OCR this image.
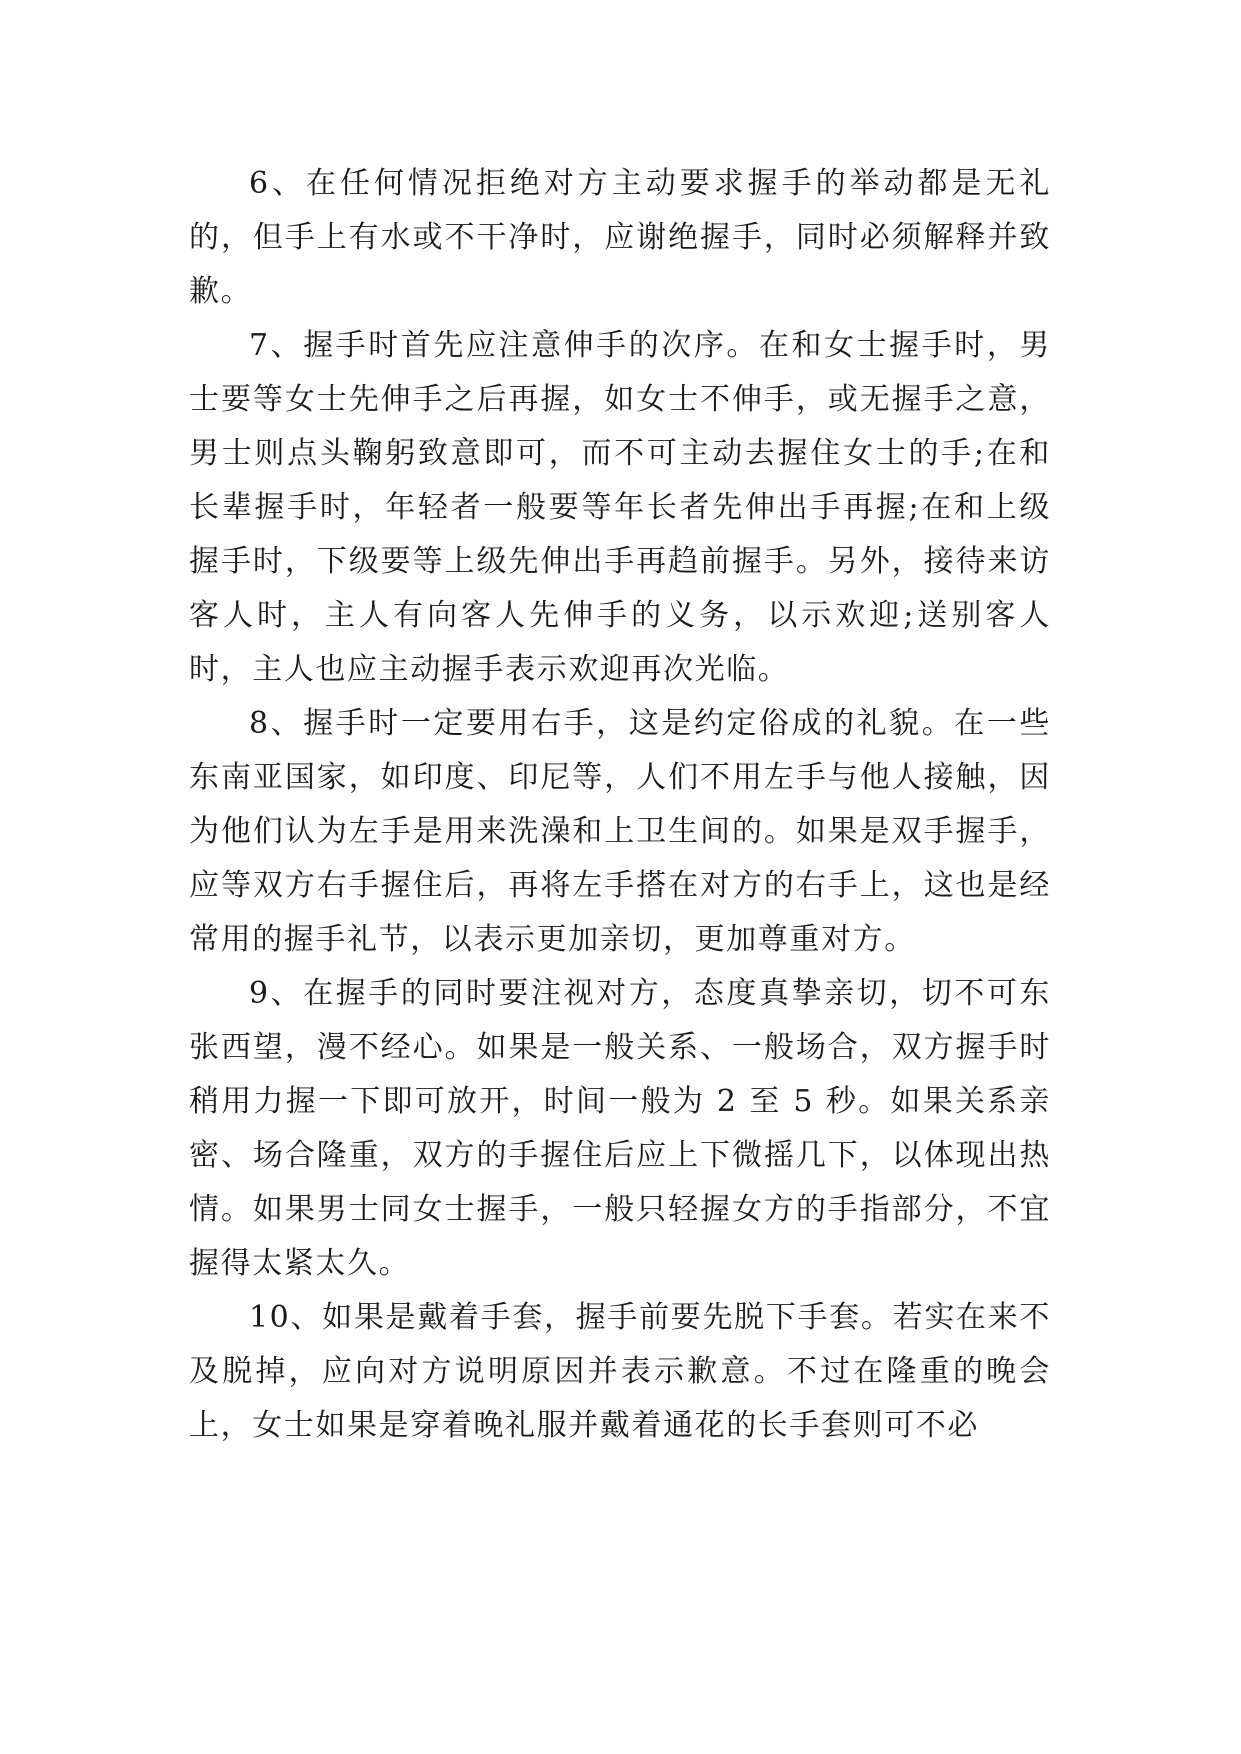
6、在任何情况拒绝对方主动要求握手的举动都是无礼的，但手上有水或不干净时，应谢绝握手，同时必须解释并致歉。

7、握手时首先应注意伸手的次序。在和女士握手时，男士要等女士先伸手之后再握，如女士不伸手，或无握手之意，男士则点头鞠躬致意即可，而不可主动去握住女士的手;在和长辈握手时，年轻者一般要等年长者先伸出手再握;在和上级握手时，下级要等上级先伸出手再趋前握手。另外，接待来访客人时，主人有向客人先伸手的义务，以示欢迎;送别客人时，主人也应主动握手表示欢迎再次光临。

8、握手时一定要用右手，这是约定俗成的礼貌。在一些东南亚国家，如印度、印尼等，人们不用左手与他人接触，因为他们认为左手是用来洗澡和上卫生间的。如果是双手握手，应等双方右手握住后，再将左手搭在对方的右手上，这也是经常用的握手礼节，以表示更加亲切，更加尊重对方。

9、在握手的同时要注视对方，态度真挚亲切，切不可东张西望，漫不经心。如果是一般关系、一般场合，双方握手时稍用力握一下即可放开，时间一般为 2 至 5 秒。如果关系亲密、场合隆重，双方的手握住后应上下微摇几下，以体现出热情。如果男士同女士握手，一般只轻握女方的手指部分，不宜握得太紧太久。

10、如果是戴着手套，握手前要先脱下手套。若实在来不及脱掉，应向对方说明原因并表示歉意。不过在隆重的晚会上，女士如果是穿着晚礼服并戴着通花的长手套则可不必
